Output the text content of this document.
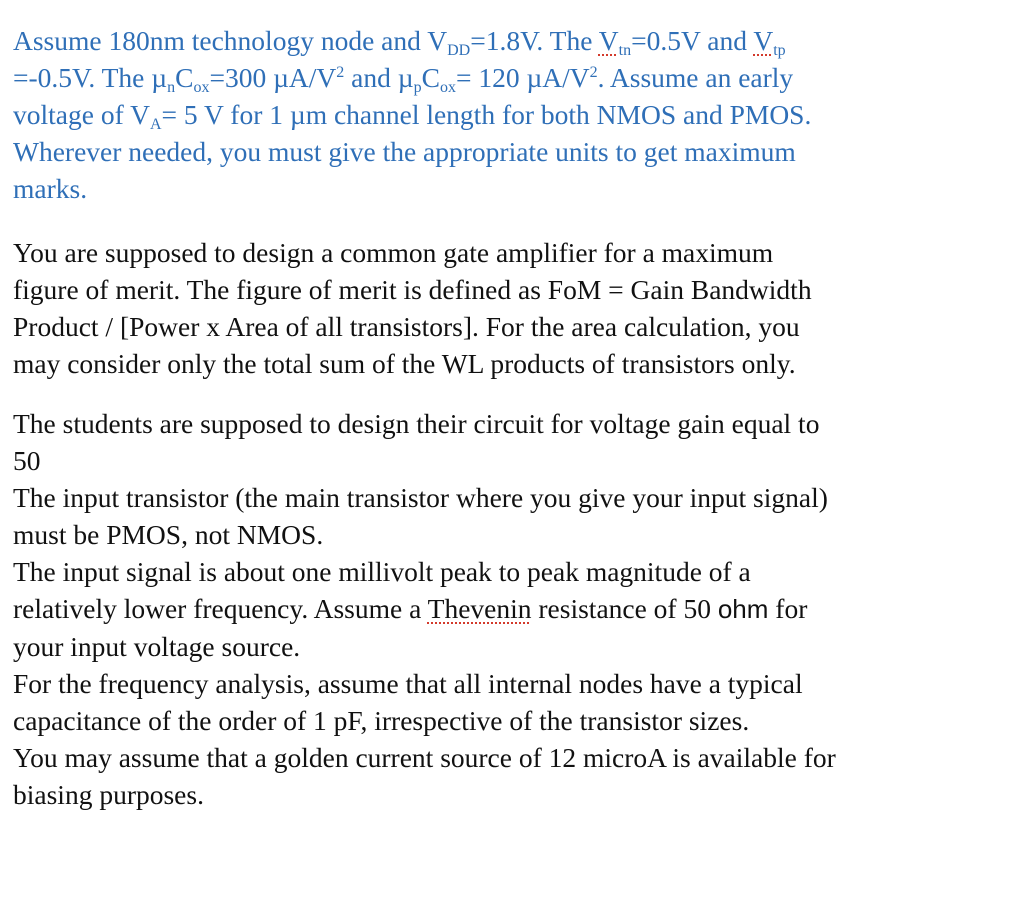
Assume 180nm technology node and $V_{DD}=1.8V$. The $V_{tn}=0.5V$ and $V_{tp}$
=-0.5V. The $\mu_nC_{ox}=300$ $\mu A/V^2$ and $\mu_pC_{ox}= 120$ $\mu A/V^2$. Assume an early
voltage of $V_A= 5$ V for 1 µm channel length for both NMOS and PMOS.
Wherever needed, you must give the appropriate units to get maximum
marks.
You are supposed to design a common gate amplifier for a maximum
figure of merit. The figure of merit is defined as FoM = Gain Bandwidth
Product / [Power x Area of all transistors]. For the area calculation, you
may consider only the total sum of the WL products of transistors only.
The students are supposed to design their circuit for voltage gain equal to
50
The input transistor (the main transistor where you give your input signal)
must be PMOS, not NMOS.
The input signal is about one millivolt peak to peak magnitude of a
relatively lower frequency. Assume a Thevenin resistance of 50 ohm for
your input voltage source.
For the frequency analysis, assume that all internal nodes have a typical
capacitance of the order of 1 pF, irrespective of the transistor sizes.
You may assume that a golden current source of 12 microA is available for
biasing purposes.
